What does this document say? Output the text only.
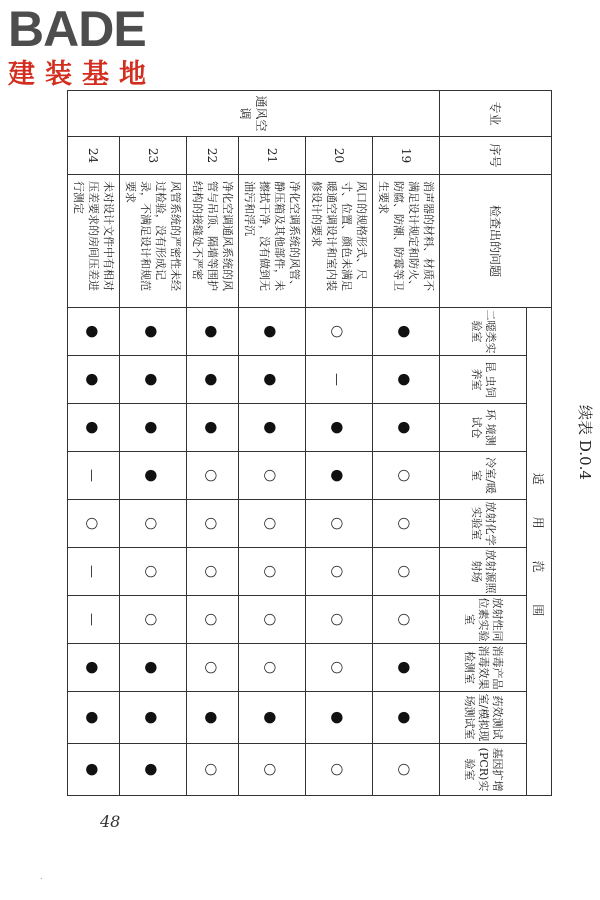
BADE
建装基地
续表 D.0.4
专业	序号	检查出的问题	适 用 范 围									
			二噁类实验室	昆 虫饲养室	环 境测试仓	冷室/暖室	放射化学实验室	放射源照射场	放射性同位素实验室	消毒产品消毒效果检测室	药效测试室/模拟现场测试室	基因扩增(PCR)实验室
通风空调	19	消声器的材料、材质不满足设计规定和防火、防腐、防潮、防霉等卫生要求	●	●	●	○	○	○	○	●	●	○
	20	风口的规格形式、尺寸、位置、颜色未满足暖通空调设计和室内装修设计的要求	○	—	●	●	○	○	○	○	●	○
	21	净化空调系统的风管、静压箱及其他部件，未擦拭干净，没有做到无油污和浮沉	●	●	●	○	○	○	○	○	●	○
	22	净化空调通风系统的风管与吊顶、隔墙等围护结构的接缝处不严密	●	●	●	○	○	○	○	○	●	○
	23	风管系统的严密性未经过检验，没有形成记录，不满足设计和规范要求	●	●	●	●	○	○	○	●	●	●
	24	未对设计文件中有相对压差要求的房间压差进行测定	●	●	●	—	○	—	—	●	●	●
48
.
